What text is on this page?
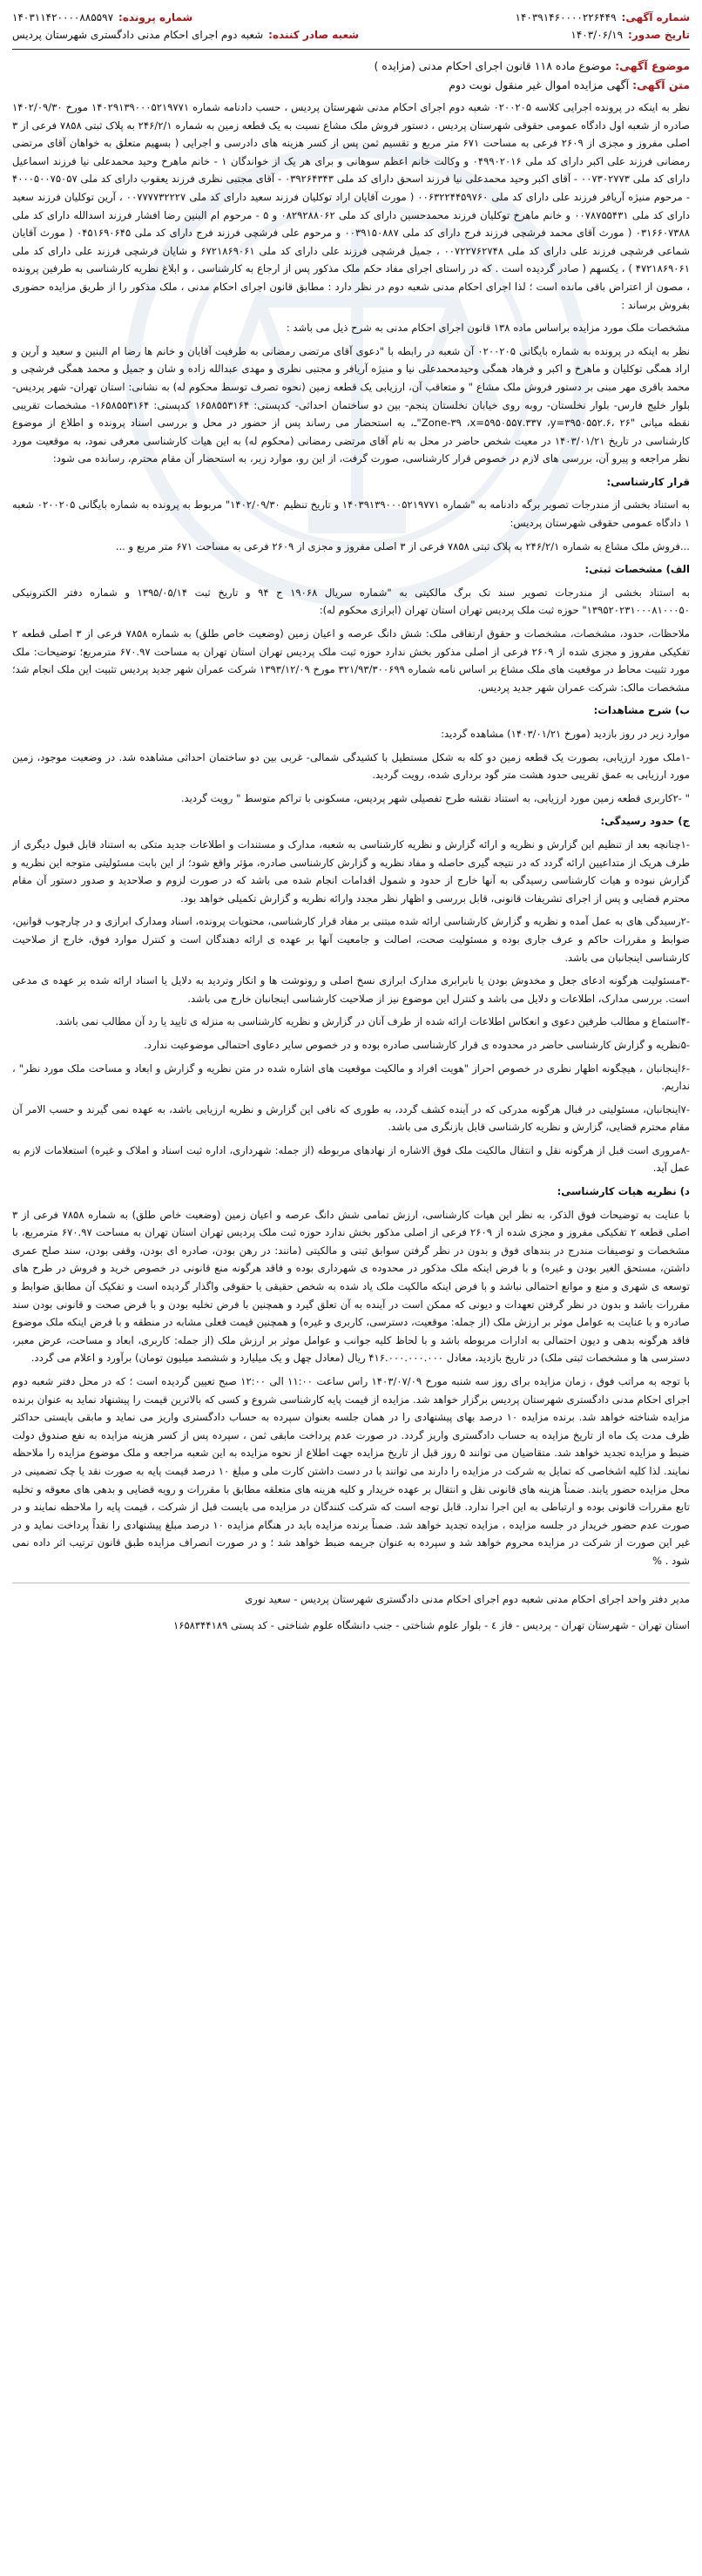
شماره آگهی:
۱۴۰۳۹۱۴۶۰۰۰۰۲۲۶۴۴۹
شماره پرونده:
۱۴۰۳۱۱۴۲۰۰۰۰۸۸۵۵۹۷
تاریخ صدور:
۱۴۰۳/۰۶/۱۹
شعبه صادر کننده:
شعبه دوم اجرای احکام مدنی دادگستری شهرستان پردیس
موضوع آگهی: موضوع ماده ۱۱۸ قانون اجرای احکام مدنی (مزایده )
متن آگهی: آگهی مزایده اموال غیر منقول نوبت دوم

نظر به اینکه در پرونده اجرایی کلاسه ۰۲۰۰۲۰۵ شعبه دوم اجرای احکام مدنی شهرستان پردیس ، حسب دادنامه شماره ۱۴۰۲۹۱۳۹۰۰۰۵۲۱۹۷۷۱ مورخ ۱۴۰۲/۰۹/۳۰ صادره از شعبه اول دادگاه عمومی حقوقی شهرستان پردیس ، دستور فروش ملک مشاع نسبت به یک قطعه زمین به شماره ۲۴۶/۲/۱ به پلاک ثبتی ۷۸۵۸ فرعی از ۳ اصلی مفروز و مجزی از ۲۶۰۹ فرعی به مساحت ۶۷۱ متر مربع و تقسیم ثمن پس از کسر هزینه های دادرسی و اجرایی ( بسهیم متعلق به خواهان آقای مرتضی رمضانی فرزند علی اکبر دارای کد ملی ۰۴۹۹۰۲۰۱۶ و وکالت خانم اعظم سوهانی و برای هر یک از خواندگان ۱ - خانم ماهرخ وحید محمدعلی نیا فرزند اسماعیل دارای کد ملی ۰۰۷۳۰۲۷۷۳ - آقای اکبر وحید محمدعلی نیا فرزند اسحق دارای کد ملی ۰۳۹۲۶۴۳۴۳ - آقای مجتبی نظری فرزند یعقوب دارای کد ملی ۴۰۰۰۵۰۰۷۵۰۵۷ - مرحوم منیژه آریافر فرزند علی دارای کد ملی ۰۰۶۳۲۲۴۴۵۹۷۶۰ ( مورث آقایان اراد توکلیان فرزند سعید دارای کد ملی ۰۰۷۷۷۷۳۲۲۲۷ ، آرین توکلیان فرزند سعید دارای کد ملی ۰۰۷۸۷۵۵۴۳۱ و خانم ماهرخ توکلیان فرزند محمدحسین دارای کد ملی ۰۸۲۹۲۸۸۰۶۲ و ۵ - مرحوم ام البنین رضا افشار فرزند اسدالله دارای کد ملی ۰۳۱۶۶۰۷۳۸۸ ( مورث آقای محمد فرشچی فرزند فرج دارای کد ملی ۰۰۳۹۱۵۰۸۸۷ و مرحوم علی فرشچی فرزند فرج دارای کد ملی ۰۴۵۱۶۹۰۶۴۵ ( مورث آقایان شماعی فرشچی فرزند علی دارای کد ملی ۰۰۷۲۲۷۶۲۷۴۸ ، جمیل فرشچی فرزند علی دارای کد ملی ۶۷۲۱۸۶۹۰۶۱ و شایان فرشچی فرزند علی دارای کد ملی ۴۷۲۱۸۶۹۰۶۱ ) ، یکسهم ( صادر گردیده است . که در راستای اجرای مفاد حکم ملک مذکور پس از ارجاع به کارشناسی ، و ابلاغ نظریه کارشناسی به طرفین پرونده ، مصون از اعتراض باقی مانده است ؛ لذا اجرای احکام مدنی شعبه دوم در نظر دارد : مطابق قانون اجرای احکام مدنی ، ملک مذکور را از طریق مزایده حضوری بفروش برساند :

مشخصات ملک مورد مزایده براساس ماده ۱۳۸ قانون اجرای احکام مدنی به شرح ذیل می باشد :

نظر به اینکه در پرونده به شماره بایگانی ۰۲۰۰۲۰۵ آن شعبه در رابطه با "دعوی آقای مرتضی رمضانی به طرفیت آقایان و خانم ها رضا ام البنین و سعید و آرین و اراد همگی توکلیان و ماهرخ و اکبر و فرهاد همگی وحیدمحمدعلی نیا و منیژه آریافر و مجتبی نظری و مهدی عبدالله زاده و شان و جمیل و محمد همگی فرشچی و محمد باقری مهر مبنی بر دستور فروش ملک مشاع " و متعاقب آن، ارزیابی یک قطعه زمین (نحوه تصرف توسط محکوم له) به نشانی: استان تهران- شهر پردیس- بلوار خلیج فارس- بلوار نخلستان- روبه روی خیابان نخلستان پنجم- بین دو ساختمان احداثی- کدپستی: ۱۶۵۸۵۵۳۱۶۴ کدپستی: ۱۶۵۸۵۵۳۱۶۴- مشخصات تقریبی نقطه میانی "۲۶ ،Zone-۳۹ ،x=۵۹۵۰۵۵۷.۳۳۷ ،y=۳۹۵۰۵۵۲.۶"ـ، به استحضار می رساند پس از حضور در محل و بررسی اسناد پرونده و اطلاع از موضوع کارشناسی در تاریخ ۱۴۰۳/۰۱/۲۱ در معیت شخص حاضر در محل به نام آقای مرتضی رمضانی (محکوم له) به این هیات کارشناسی معرفی نمود، به موقعیت مورد نظر مراجعه و پیرو آن، بررسی های لازم در خصوص قرار کارشناسی، صورت گرفت، از این رو، موارد زیر، به استحضار آن مقام محترم، رسانده می شود:

قرار کارشناسی:

به استناد بخشی از مندرجات تصویر برگه دادنامه به "شماره ۱۴۰۳۹۱۳۹۰۰۰۵۲۱۹۷۷۱ و تاریخ تنظیم ۱۴۰۲/۰۹/۳۰" مربوط به پرونده به شماره بایگانی ۰۲۰۰۲۰۵ شعبه ۱ دادگاه عمومی حقوقی شهرستان پردیس:

...فروش ملک مشاع به شماره ۲۴۶/۲/۱ به پلاک ثبتی ۷۸۵۸ فرعی از ۳ اصلی مفروز و مجزی از ۲۶۰۹ فرعی به مساحت ۶۷۱ متر مربع و ...

الف) مشخصات ثبتی:

به استناد بخشی از مندرجات تصویر سند تک برگ مالکیتی به "شماره سریال ۱۹۰۶۸ ج ۹۴ و تاریخ ثبت ۱۳۹۵/۰۵/۱۴ و شماره دفتر الکترونیکی ۱۳۹۵۲۰۲۳۱۰۰۰۸۱۰۰۰۵۰" حوزه ثبت ملک پردیس تهران استان تهران (ابرازی محکوم له):

ملاحظات، حدود، مشخصات، مشخصات و حقوق ارتفاقی ملک: شش دانگ عرصه و اعیان زمین (وضعیت خاص طلق) به شماره ۷۸۵۸ فرعی از ۳ اصلی قطعه ۲ تفکیکی مفروز و مجزی شده از ۲۶۰۹ فرعی از اصلی مذکور بخش ندارد حوزه ثبت ملک پردیس تهران استان تهران به مساحت ۶۷۰.۹۷ مترمربع؛ توضیحات: ملک مورد تثبیت محاط در موقعیت های ملک مشاع بر اساس نامه شماره ۳۲۱/۹۳/۳۰۰۶۹۹ مورخ ۱۳۹۳/۱۲/۰۹ شرکت عمران شهر جدید پردیس تثبیت این ملک انجام شد؛ مشخصات مالک: شرکت عمران شهر جدید پردیس.

ب) شرح مشاهدات:

موارد زیر در روز بازدید (مورخ ۱۴۰۳/۰۱/۲۱) مشاهده گردید:

-۱ملک مورد ارزیابی، بصورت یک قطعه زمین دو کله به شکل مستطیل با کشیدگی شمالی- غربی بین دو ساختمان احداثی مشاهده شد. در وضعیت موجود، زمین مورد ارزیابی به عمق تقریبی حدود هشت متر گود برداری شده، رویت گردید.

" -۲کاربری قطعه زمین مورد ارزیابی، به استناد نقشه طرح تفصیلی شهر پردیس، مسکونی با تراکم متوسط " رویت گردید.

ج) حدود رسیدگی:

-۱چنانچه بعد از تنظیم این گزارش و نظریه و ارائه گزارش و نظریه کارشناسی به شعبه، مدارک و مستندات و اطلاعات جدید متکی به استناد قابل قبول دیگری از طرف هریک از متداعیین ارائه گردد که در نتیجه گیری حاصله و مفاد نظریه و گزارش کارشناسی صادره، مؤثر واقع شود؛ از این بابت مسئولیتی متوجه این نظریه و گزارش نبوده و هیات کارشناسی رسیدگی به آنها خارج از حدود و شمول اقدامات انجام شده می باشد که در صورت لزوم و صلاحدید و صدور دستور آن مقام محترم قضایی و پس از اجرای تشریفات قانونی، قابل بررسی و اظهار نظر مجدد وارائه نظریه و گزارش تکمیلی خواهد بود.

-۲رسیدگی های به عمل آمده و نظریه و گزارش کارشناسی ارائه شده مبتنی بر مفاد قرار کارشناسی، محتویات پرونده، اسناد ومدارک ابرازی و در چارچوب قوانین، ضوابط و مقررات حاکم و عرف جاری بوده و مسئولیت صحت، اصالت و جامعیت آنها بر عهده ی ارائه دهندگان است و کنترل موارد فوق، خارج از صلاحیت کارشناسی اینجانبان می باشد.

-۳مسئولیت هرگونه ادعای جعل و مخدوش بودن یا نابرابری مدارک ابرازی نسخ اصلی و رونوشت ها و انکار وتردید به دلایل یا اسناد ارائه شده بر عهده ی مدعی است. بررسی مدارک، اطلاعات و دلایل می باشد و کنترل این موضوع نیز از صلاحیت کارشناسی اینجانبان خارج می باشد.

-۴استماع و مطالب طرفین دعوی و انعکاس اطلاعات ارائه شده از طرف آنان در گزارش و نظریه کارشناسی به منزله ی تایید یا رد آن مطالب نمی باشد.

-۵نظریه و گزارش کارشناسی حاضر در محدوده ی قرار کارشناسی صادره بوده و در خصوص سایر دعاوی احتمالی موضوعیت ندارد.

-۶اینجانبان ، هیچگونه اظهار نظری در خصوص احراز "هویت افراد و مالکیت موقعیت های اشاره شده در متن نظریه و گزارش و ابعاد و مساحت ملک مورد نظر" ، نداریم.

-۷اینجانبان، مسئولیتی در قبال هرگونه مدرکی که در آینده کشف گردد، به طوری که نافی این گزارش و نظریه ارزیابی باشد، به عهده نمی گیرند و حسب الامر آن مقام محترم قضایی، گزارش و نظریه کارشناسی قابل بازنگری می باشد.

-۸مروری است قبل از هرگونه نقل و انتقال مالکیت ملک فوق الاشاره از نهادهای مربوطه (از جمله: شهرداری، اداره ثبت اسناد و املاک و غیره) استعلامات لازم به عمل آید.

د) نظریه هیات کارشناسی:

با عنایت به توضیحات فوق الذکر، به نظر این هیات کارشناسی، ارزش تمامی شش دانگ عرصه و اعیان زمین (وضعیت خاص طلق) به شماره ۷۸۵۸ فرعی از ۳ اصلی قطعه ۲ تفکیکی مفروز و مجزی شده از ۲۶۰۹ فرعی از اصلی مذکور بخش ندارد حوزه ثبت ملک پردیس تهران استان تهران به مساحت ۶۷۰.۹۷ مترمربع، با مشخصات و توصیفات مندرج در بندهای فوق و بدون در نظر گرفتن سوابق ثبتی و مالکیتی (مانند: در رهن بودن، صادره ای بودن، وقفی بودن، سند صلح عمری داشتن، مستحق الغیر بودن و غیره) و با فرض اینکه ملک مذکور در محدوده ی شهرداری بوده و فاقد هرگونه منع قانونی در خصوص خرید و فروش در طرح های توسعه ی شهری و منع و موانع احتمالی نباشد و با فرض اینکه مالکیت ملک یاد شده به شخص حقیقی یا حقوقی واگذار گردیده است و تفکیک آن مطابق ضوابط و مقررات باشد و بدون در نظر گرفتن تعهدات و دیونی که ممکن است در آینده به آن تعلق گیرد و همچنین با فرض تخلیه بودن و با فرض صحت و قانونی بودن سند صادره و با عنایت به عوامل موثر بر ارزش ملک (از جمله: موقعیت، دسترسی، کاربری و غیره) و همچنین قیمت فعلی مشابه در منطقه و با فرض اینکه ملک موضوع فاقد هرگونه بدهی و دیون احتمالی به ادارات مربوطه باشد و با لحاظ کلیه جوانب و عوامل موثر بر ارزش ملک (از جمله: کاربری، ابعاد و مساحت، عرض معبر، دسترسی ها و مشخصات ثبتی ملک) در تاریخ بازدید، معادل ۴۱۶.۰۰۰.۰۰۰.۰۰۰ ریال (معادل چهل و یک میلیارد و ششصد میلیون تومان) برآورد و اعلام می گردد.

با توجه به مراتب فوق ، زمان مزایده برای روز سه شنبه مورخ ۱۴۰۳/۰۷/۰۹ راس ساعت ۱۱:۰۰ الی ۱۲:۰۰ صبح تعیین گردیده است ؛ که در محل دفتر شعبه دوم اجرای احکام مدنی دادگستری شهرستان پردیس برگزار خواهد شد. مزایده از قیمت پایه کارشناسی شروع و کسی که بالاترین قیمت را پیشنهاد نماید به عنوان برنده مزایده شناخته خواهد شد. برنده مزایده ۱۰ درصد بهای پیشنهادی را در همان جلسه بعنوان سپرده به حساب دادگستری واریز می نماید و مابقی بایستی حداکثر ظرف مدت یک ماه از تاریخ مزایده به حساب دادگستری واریز گردد. در صورت عدم پرداخت مابقی ثمن ، سپرده پس از کسر هزینه مزایده به نفع صندوق دولت ضبط و مزایده تجدید خواهد شد. متقاضیان می توانند ۵ روز قبل از تاریخ مزایده جهت اطلاع از نحوه مزایده به این شعبه مراجعه و ملک موضوع مزایده را ملاحظه نمایند. لذا کلیه اشخاصی که تمایل به شرکت در مزایده را دارند می توانند با در دست داشتن کارت ملی و مبلغ ۱۰ درصد قیمت پایه به صورت نقد یا چک تضمینی در محل مزایده حضور یابند. ضمناً هزینه های قانونی نقل و انتقال بر عهده خریدار و کلیه هزینه های متعلقه مطابق با مقررات و رویه قضایی و بدهی های معوقه و تخلیه تابع مقررات قانونی بوده و ارتباطی به این اجرا ندارد. قابل توجه است که شرکت کنندگان در مزایده می بایست قبل از شرکت ، قیمت پایه را ملاحظه نمایند و در صورت عدم حضور خریدار در جلسه مزایده ، مزایده تجدید خواهد شد. ضمناً برنده مزایده باید در هنگام مزایده ۱۰ درصد مبلغ پیشنهادی را نقداً پرداخت نماید و در غیر این صورت از شرکت در مزایده محروم خواهد شد و سپرده به عنوان جریمه ضبط خواهد شد ؛ و در صورت انصراف مزایده طبق قانون ترتیب اثر داده نمی شود . %

مدیر دفتر واحد اجرای احکام مدنی شعبه دوم اجرای احکام مدنی دادگستری شهرستان پردیس - سعید نوری

استان تهران - شهرستان تهران - پردیس - فاز ٤ - بلوار علوم شناختی - جنب دانشگاه علوم شناختی - کد پستی ۱۶۵۸۳۴۴۱۸۹
